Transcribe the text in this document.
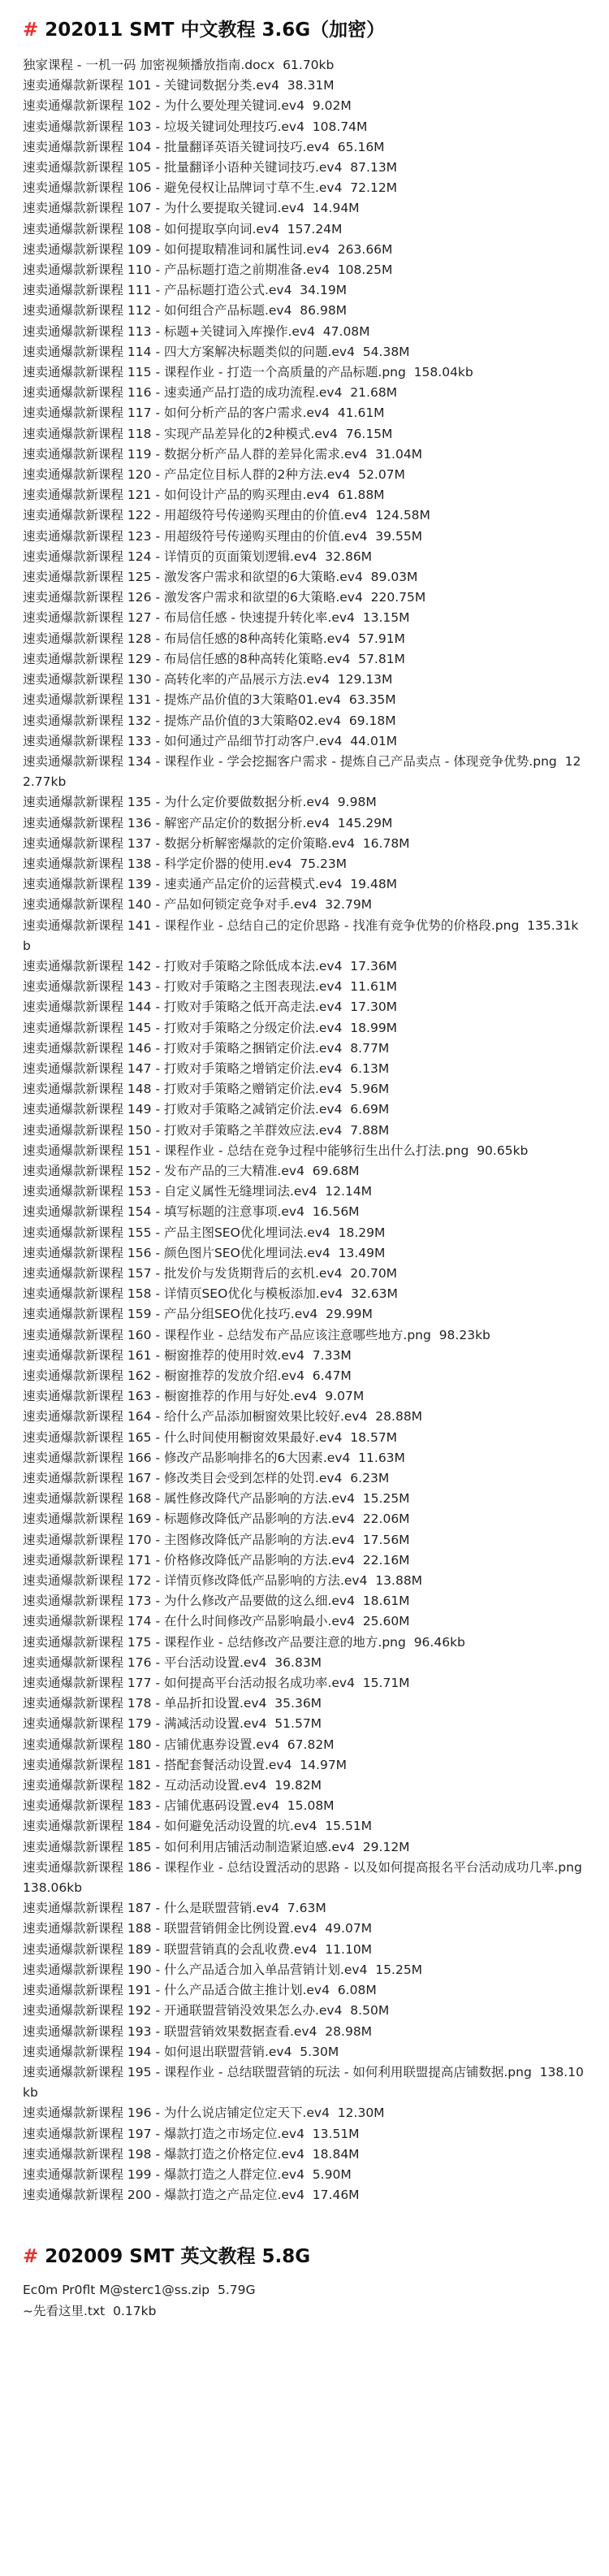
# 202011 SMT 中文教程 3.6G（加密）
独家课程 - 一机一码 加密视频播放指南.docx  61.70kb
速卖通爆款新课程 101 - 关键词数据分类.ev4  38.31M
速卖通爆款新课程 102 - 为什么要处理关键词.ev4  9.02M
速卖通爆款新课程 103 - 垃圾关键词处理技巧.ev4  108.74M
速卖通爆款新课程 104 - 批量翻译英语关键词技巧.ev4  65.16M
速卖通爆款新课程 105 - 批量翻译小语种关键词技巧.ev4  87.13M
速卖通爆款新课程 106 - 避免侵权让品牌词寸草不生.ev4  72.12M
速卖通爆款新课程 107 - 为什么要提取关键词.ev4  14.94M
速卖通爆款新课程 108 - 如何提取享向词.ev4  157.24M
速卖通爆款新课程 109 - 如何提取精准词和属性词.ev4  263.66M
速卖通爆款新课程 110 - 产品标题打造之前期准备.ev4  108.25M
速卖通爆款新课程 111 - 产品标题打造公式.ev4  34.19M
速卖通爆款新课程 112 - 如何组合产品标题.ev4  86.98M
速卖通爆款新课程 113 - 标题+关键词入库操作.ev4  47.08M
速卖通爆款新课程 114 - 四大方案解决标题类似的问题.ev4  54.38M
速卖通爆款新课程 115 - 课程作业 - 打造一个高质量的产品标题.png  158.04kb
速卖通爆款新课程 116 - 速卖通产品打造的成功流程.ev4  21.68M
速卖通爆款新课程 117 - 如何分析产品的客户需求.ev4  41.61M
速卖通爆款新课程 118 - 实现产品差异化的2种模式.ev4  76.15M
速卖通爆款新课程 119 - 数据分析产品人群的差异化需求.ev4  31.04M
速卖通爆款新课程 120 - 产品定位目标人群的2种方法.ev4  52.07M
速卖通爆款新课程 121 - 如何设计产品的购买理由.ev4  61.88M
速卖通爆款新课程 122 - 用超级符号传递购买理由的价值.ev4  124.58M
速卖通爆款新课程 123 - 用超级符号传递购买理由的价值.ev4  39.55M
速卖通爆款新课程 124 - 详情页的页面策划逻辑.ev4  32.86M
速卖通爆款新课程 125 - 激发客户需求和欲望的6大策略.ev4  89.03M
速卖通爆款新课程 126 - 激发客户需求和欲望的6大策略.ev4  220.75M
速卖通爆款新课程 127 - 布局信任感 - 快速提升转化率.ev4  13.15M
速卖通爆款新课程 128 - 布局信任感的8种高转化策略.ev4  57.91M
速卖通爆款新课程 129 - 布局信任感的8种高转化策略.ev4  57.81M
速卖通爆款新课程 130 - 高转化率的产品展示方法.ev4  129.13M
速卖通爆款新课程 131 - 提炼产品价值的3大策略01.ev4  63.35M
速卖通爆款新课程 132 - 提炼产品价值的3大策略02.ev4  69.18M
速卖通爆款新课程 133 - 如何通过产品细节打动客户.ev4  44.01M
速卖通爆款新课程 134 - 课程作业 - 学会挖掘客户需求 - 提炼自己产品卖点 - 体现竞争优势.png  122.77kb
速卖通爆款新课程 135 - 为什么定价要做数据分析.ev4  9.98M
速卖通爆款新课程 136 - 解密产品定价的数据分析.ev4  145.29M
速卖通爆款新课程 137 - 数据分析解密爆款的定价策略.ev4  16.78M
速卖通爆款新课程 138 - 科学定价器的使用.ev4  75.23M
速卖通爆款新课程 139 - 速卖通产品定价的运营模式.ev4  19.48M
速卖通爆款新课程 140 - 产品如何锁定竞争对手.ev4  32.79M
速卖通爆款新课程 141 - 课程作业 - 总结自己的定价思路 - 找准有竞争优势的价格段.png  135.31kb
速卖通爆款新课程 142 - 打败对手策略之除低成本法.ev4  17.36M
速卖通爆款新课程 143 - 打败对手策略之主图表现法.ev4  11.61M
速卖通爆款新课程 144 - 打败对手策略之低开高走法.ev4  17.30M
速卖通爆款新课程 145 - 打败对手策略之分级定价法.ev4  18.99M
速卖通爆款新课程 146 - 打败对手策略之捆销定价法.ev4  8.77M
速卖通爆款新课程 147 - 打败对手策略之增销定价法.ev4  6.13M
速卖通爆款新课程 148 - 打败对手策略之赠销定价法.ev4  5.96M
速卖通爆款新课程 149 - 打败对手策略之减销定价法.ev4  6.69M
速卖通爆款新课程 150 - 打败对手策略之羊群效应法.ev4  7.88M
速卖通爆款新课程 151 - 课程作业 - 总结在竞争过程中能够衍生出什么打法.png  90.65kb
速卖通爆款新课程 152 - 发布产品的三大精准.ev4  69.68M
速卖通爆款新课程 153 - 自定义属性无缝埋词法.ev4  12.14M
速卖通爆款新课程 154 - 填写标题的注意事项.ev4  16.56M
速卖通爆款新课程 155 - 产品主图SEO优化埋词法.ev4  18.29M
速卖通爆款新课程 156 - 颜色图片SEO优化埋词法.ev4  13.49M
速卖通爆款新课程 157 - 批发价与发货期背后的玄机.ev4  20.70M
速卖通爆款新课程 158 - 详情页SEO优化与模板添加.ev4  32.63M
速卖通爆款新课程 159 - 产品分组SEO优化技巧.ev4  29.99M
速卖通爆款新课程 160 - 课程作业 - 总结发布产品应该注意哪些地方.png  98.23kb
速卖通爆款新课程 161 - 橱窗推荐的使用时效.ev4  7.33M
速卖通爆款新课程 162 - 橱窗推荐的发放介绍.ev4  6.47M
速卖通爆款新课程 163 - 橱窗推荐的作用与好处.ev4  9.07M
速卖通爆款新课程 164 - 给什么产品添加橱窗效果比较好.ev4  28.88M
速卖通爆款新课程 165 - 什么时间使用橱窗效果最好.ev4  18.57M
速卖通爆款新课程 166 - 修改产品影响排名的6大因素.ev4  11.63M
速卖通爆款新课程 167 - 修改类目会受到怎样的处罚.ev4  6.23M
速卖通爆款新课程 168 - 属性修改降代产品影响的方法.ev4  15.25M
速卖通爆款新课程 169 - 标题修改降低产品影响的方法.ev4  22.06M
速卖通爆款新课程 170 - 主图修改降低产品影响的方法.ev4  17.56M
速卖通爆款新课程 171 - 价格修改降低产品影响的方法.ev4  22.16M
速卖通爆款新课程 172 - 详情页修改降低产品影响的方法.ev4  13.88M
速卖通爆款新课程 173 - 为什么修改产品要做的这么细.ev4  18.61M
速卖通爆款新课程 174 - 在什么时间修改产品影响最小.ev4  25.60M
速卖通爆款新课程 175 - 课程作业 - 总结修改产品要注意的地方.png  96.46kb
速卖通爆款新课程 176 - 平台活动设置.ev4  36.83M
速卖通爆款新课程 177 - 如何提高平台活动报名成功率.ev4  15.71M
速卖通爆款新课程 178 - 单品折扣设置.ev4  35.36M
速卖通爆款新课程 179 - 满减活动设置.ev4  51.57M
速卖通爆款新课程 180 - 店铺优惠券设置.ev4  67.82M
速卖通爆款新课程 181 - 搭配套餐活动设置.ev4  14.97M
速卖通爆款新课程 182 - 互动活动设置.ev4  19.82M
速卖通爆款新课程 183 - 店铺优惠码设置.ev4  15.08M
速卖通爆款新课程 184 - 如何避免活动设置的坑.ev4  15.51M
速卖通爆款新课程 185 - 如何利用店铺活动制造紧迫感.ev4  29.12M
速卖通爆款新课程 186 - 课程作业 - 总结设置活动的思路 - 以及如何提高报名平台活动成功几率.png  138.06kb
速卖通爆款新课程 187 - 什么是联盟营销.ev4  7.63M
速卖通爆款新课程 188 - 联盟营销佣金比例设置.ev4  49.07M
速卖通爆款新课程 189 - 联盟营销真的会乱收费.ev4  11.10M
速卖通爆款新课程 190 - 什么产品适合加入单品营销计划.ev4  15.25M
速卖通爆款新课程 191 - 什么产品适合做主推计划.ev4  6.08M
速卖通爆款新课程 192 - 开通联盟营销没效果怎么办.ev4  8.50M
速卖通爆款新课程 193 - 联盟营销效果数据查看.ev4  28.98M
速卖通爆款新课程 194 - 如何退出联盟营销.ev4  5.30M
速卖通爆款新课程 195 - 课程作业 - 总结联盟营销的玩法 - 如何利用联盟提高店铺数据.png  138.10kb
速卖通爆款新课程 196 - 为什么说店铺定位定天下.ev4  12.30M
速卖通爆款新课程 197 - 爆款打造之市场定位.ev4  13.51M
速卖通爆款新课程 198 - 爆款打造之价格定位.ev4  18.84M
速卖通爆款新课程 199 - 爆款打造之人群定位.ev4  5.90M
速卖通爆款新课程 200 - 爆款打造之产品定位.ev4  17.46M
# 202009 SMT 英文教程 5.8G
Ec0m Pr0flt M@sterc1@ss.zip  5.79G
~先看这里.txt  0.17kb
